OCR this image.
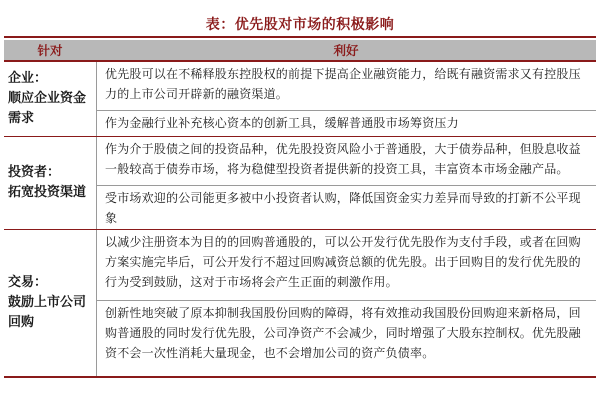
表：优先股对市场的积极影响
针对	利好
企业：
顺应企业资金
需求
优先股可以在不稀释股东控股权的前提下提高企业融资能力，给既有融资需求又有控股压力的上市公司开辟新的融资渠道。
作为金融行业补充核心资本的创新工具，缓解普通股市场筹资压力
投资者：
拓宽投资渠道
作为介于股债之间的投资品种，优先股投资风险小于普通股，大于债券品种，但股息收益一般较高于债券市场，将为稳健型投资者提供新的投资工具，丰富资本市场金融产品。
受市场欢迎的公司能更多被中小投资者认购，降低国资金实力差异而导致的打新不公平现象
交易：
鼓励上市公司
回购
以减少注册资本为目的的回购普通股的，可以公开发行优先股作为支付手段，或者在回购方案实施完毕后，可公开发行不超过回购减资总额的优先股。出于回购目的发行优先股的行为受到鼓励，这对于市场将会产生正面的刺激作用。
创新性地突破了原本抑制我国股份回购的障碍，将有效推动我国股份回购迎来新格局，回购普通股的同时发行优先股，公司净资产不会减少，同时增强了大股东控制权。优先股融资不会一次性消耗大量现金，也不会增加公司的资产负债率。
